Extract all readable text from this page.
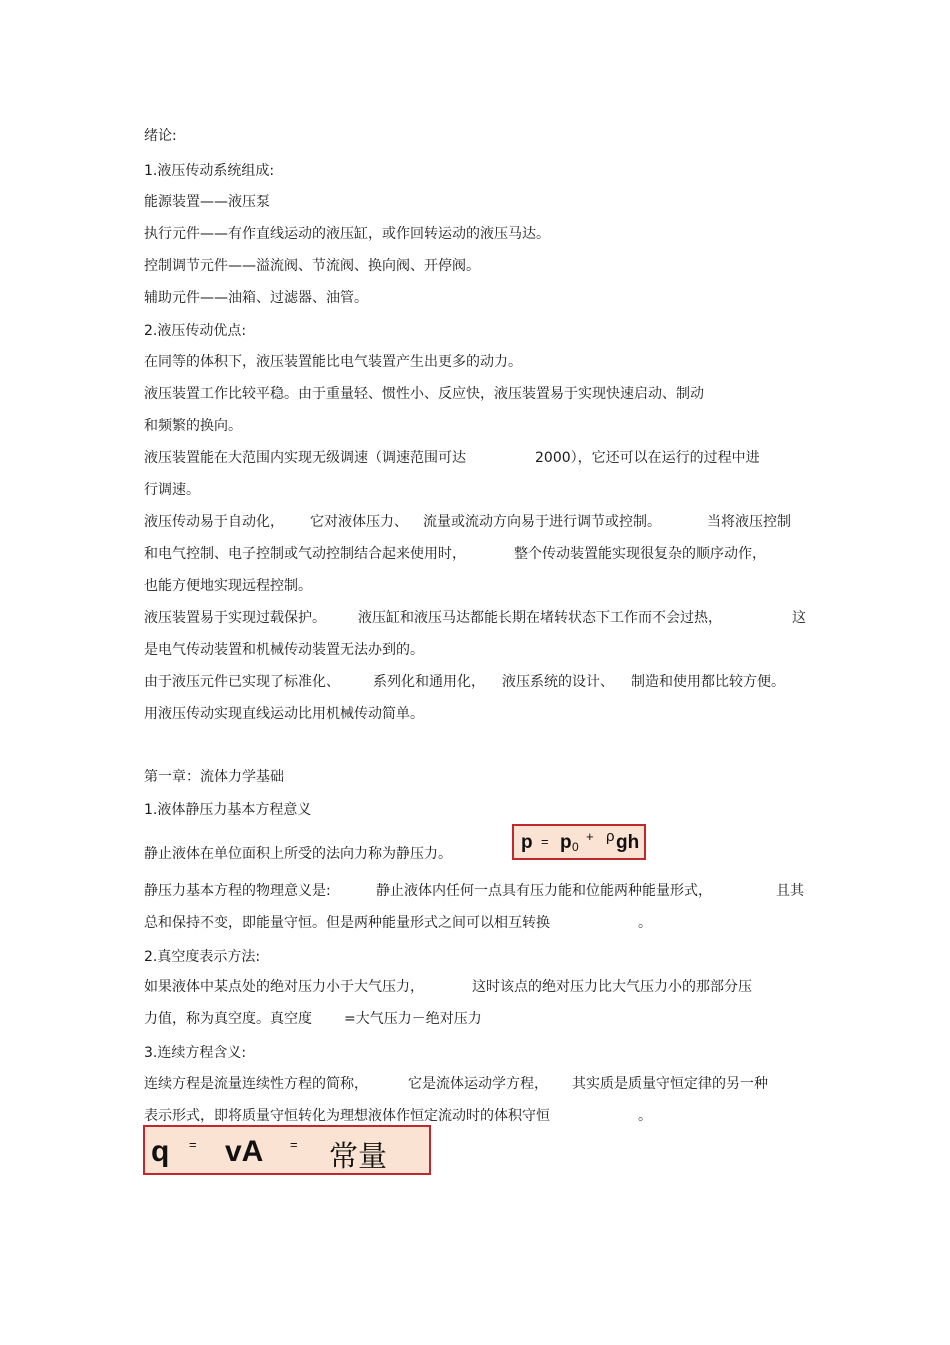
绪论:
1.液压传动系统组成:
能源装置——液压泵
执行元件——有作直线运动的液压缸，或作回转运动的液压马达。
控制调节元件——溢流阀、节流阀、换向阀、开停阀。
辅助元件——油箱、过滤器、油管。
2.液压传动优点:
在同等的体积下，液压装置能比电气装置产生出更多的动力。
液压装置工作比较平稳。由于重量轻、惯性小、反应快，液压装置易于实现快速启动、制动
和频繁的换向。
液压装置能在大范围内实现无级调速（调速范围可达	2000），它还可以在运行的过程中进
行调速。
液压传动易于自动化， 它对液体压力、 流量或流动方向易于进行调节或控制。	当将液压控制
和电气控制、电子控制或气动控制结合起来使用时，	整个传动装置能实现很复杂的顺序动作，
也能方便地实现远程控制。
液压装置易于实现过载保护。 液压缸和液压马达都能长期在堵转状态下工作而不会过热，	这
是电气传动装置和机械传动装置无法办到的。
由于液压元件已实现了标准化、 系列化和通用化， 液压系统的设计、 制造和使用都比较方便。
用液压传动实现直线运动比用机械传动简单。
第一章：流体力学基础
1.液体静压力基本方程意义
静止液体在单位面积上所受的法向力称为静压力。
p = p 0
+ ρ gh
静压力基本方程的物理意义是:	静止液体内任何一点具有压力能和位能两种能量形式，	且其
总和保持不变，即能量守恒。但是两种能量形式之间可以相互转换	。
2.真空度表示方法:
如果液体中某点处的绝对压力小于大气压力，	这时该点的绝对压力比大气压力小的那部分压
力值，称为真空度。真空度 =大气压力－绝对压力
3.连续方程含义:
连续方程是流量连续性方程的简称，	它是流体运动学方程， 其实质是质量守恒定律的另一种
表示形式，即将质量守恒转化为理想液体作恒定流动时的体积守恒	。
q = vA = 常量
